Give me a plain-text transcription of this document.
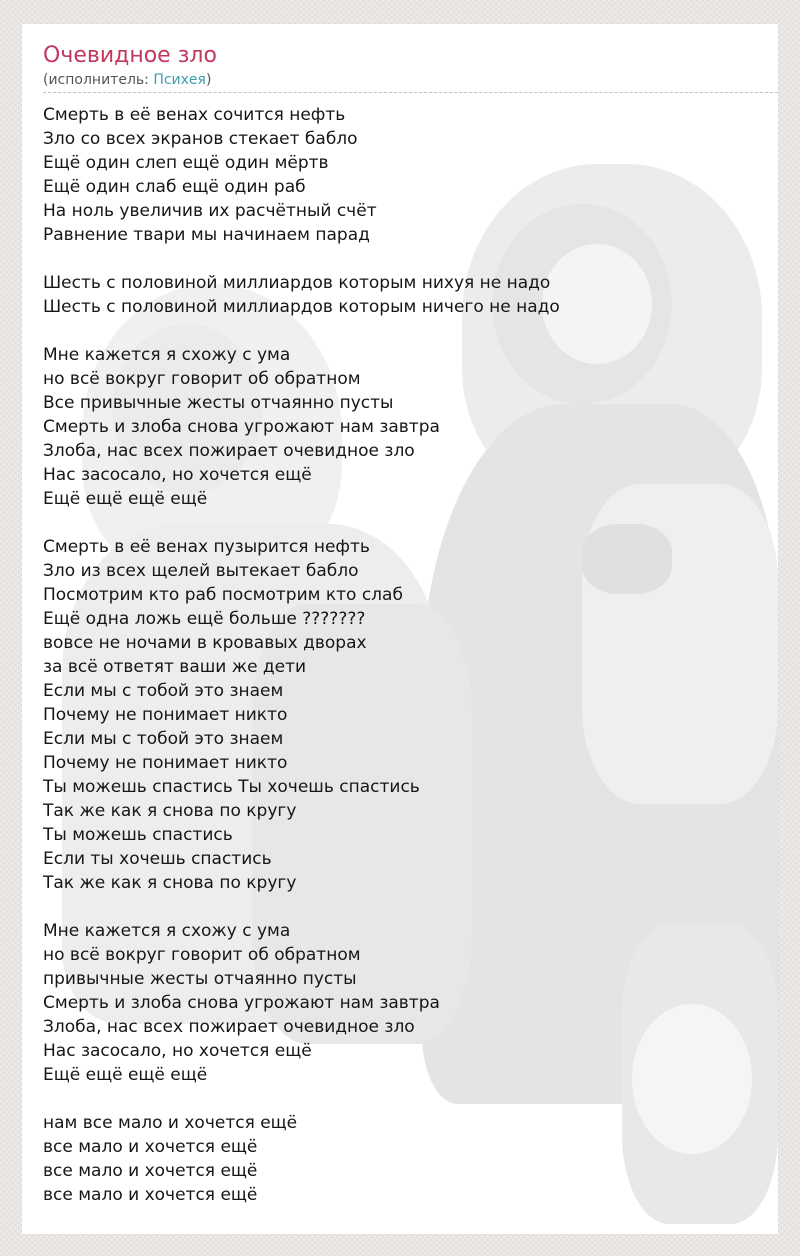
Очевидное зло
(исполнитель: Психея)
Смерть в её венах сочится нефть
Зло со всех экранов стекает бабло
Ещё один слеп ещё один мёртв
Ещё один слаб ещё один раб
На ноль увеличив их расчётный счёт
Равнение твари мы начинаем парад
Шесть с половиной миллиардов которым нихуя не надо
Шесть с половиной миллиардов которым ничего не надо
Мне кажется я схожу с ума
но всё вокруг говорит об обратном
Все привычные жесты отчаянно пусты
Смерть и злоба снова угрожают нам завтра
Злоба, нас всех пожирает очевидное зло
Нас засосало, но хочется ещё
Ещё ещё ещё ещё
Смерть в её венах пузырится нефть
Зло из всех щелей вытекает бабло
Посмотрим кто раб посмотрим кто слаб
Ещё одна ложь ещё больше ???????
вовсе не ночами в кровавых дворах
за всё ответят ваши же дети
Если мы с тобой это знаем
Почему не понимает никто
Если мы с тобой это знаем
Почему не понимает никто
Ты можешь спастись Ты хочешь спастись
Так же как я снова по кругу
Ты можешь спастись
Если ты хочешь спастись
Так же как я снова по кругу
Мне кажется я схожу с ума
но всё вокруг говорит об обратном
привычные жесты отчаянно пусты
Смерть и злоба снова угрожают нам завтра
Злоба, нас всех пожирает очевидное зло
Нас засосало, но хочется ещё
Ещё ещё ещё ещё
нам все мало и хочется ещё
все мало и хочется ещё
все мало и хочется ещё
все мало и хочется ещё
